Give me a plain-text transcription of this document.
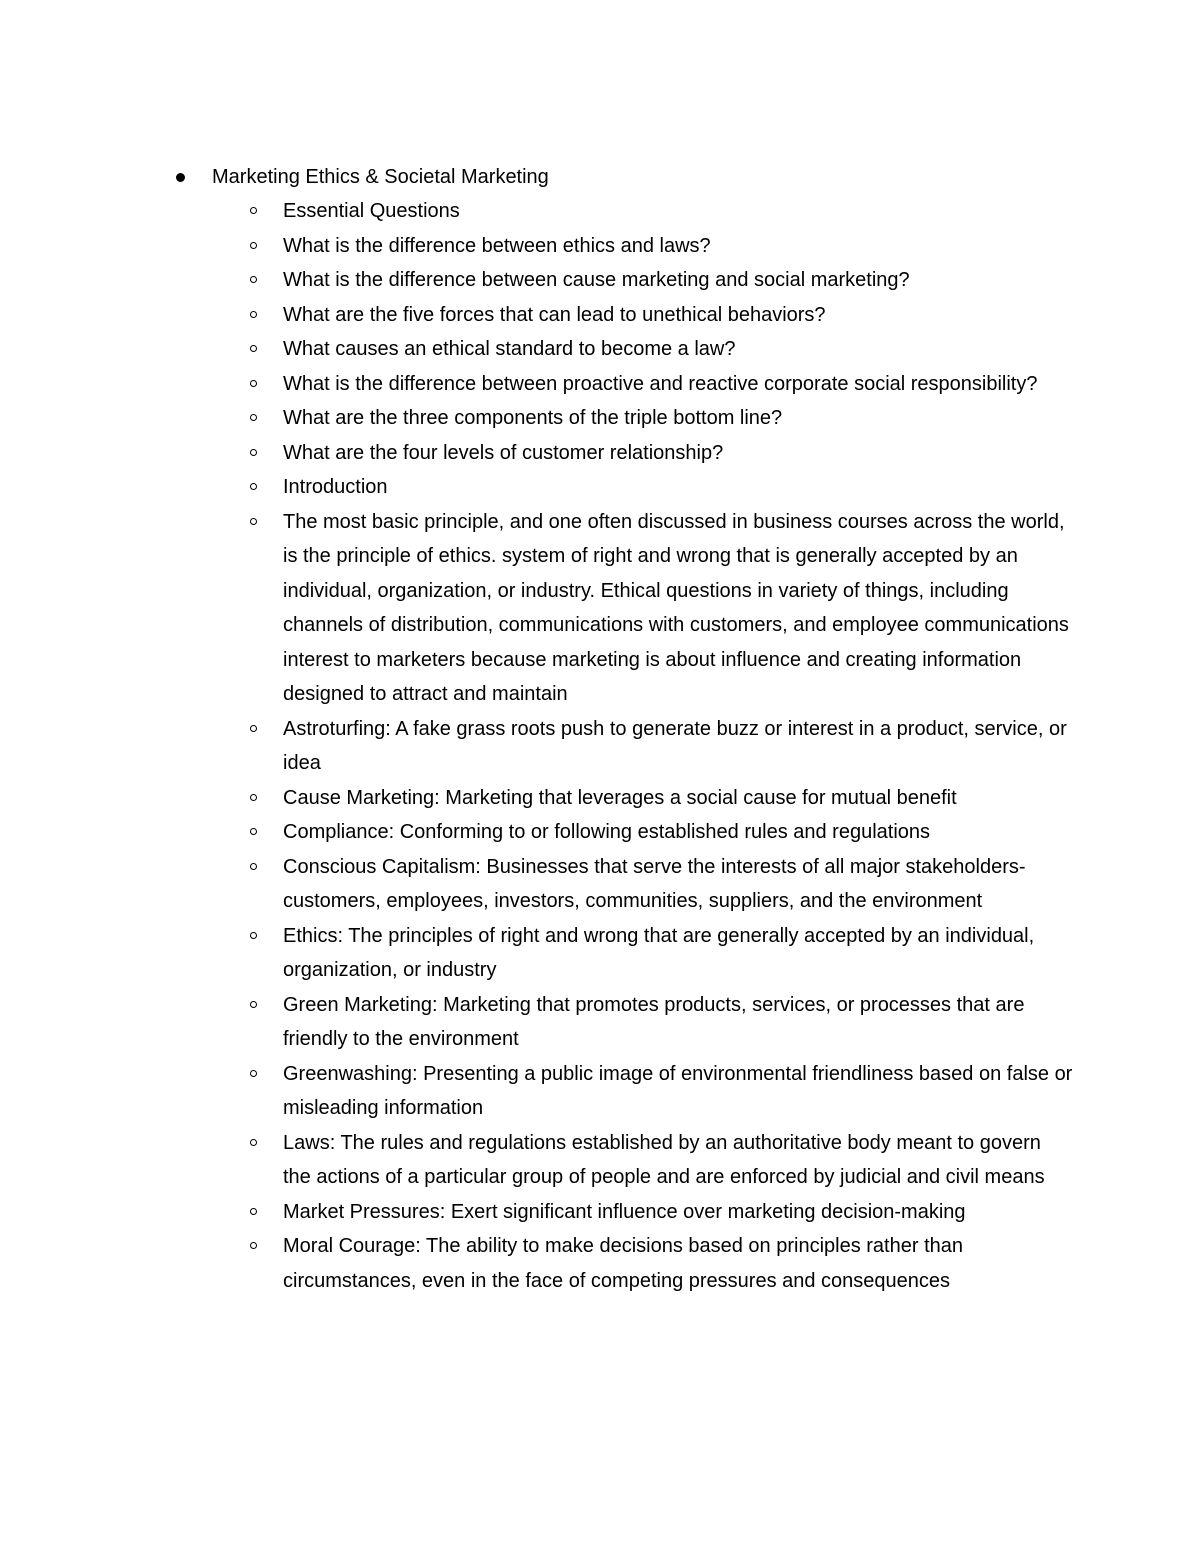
Marketing Ethics & Societal Marketing
Essential Questions
What is the difference between ethics and laws?
What is the difference between cause marketing and social marketing?
What are the five forces that can lead to unethical behaviors?
What causes an ethical standard to become a law?
What is the difference between proactive and reactive corporate social responsibility?
What are the three components of the triple bottom line?
What are the four levels of customer relationship?
Introduction
The most basic principle, and one often discussed in business courses across the world, is the principle of ethics. system of right and wrong that is generally accepted by an individual, organization, or industry. Ethical questions in variety of things, including channels of distribution, communications with customers, and employee communications interest to marketers because marketing is about influence and creating information designed to attract and maintain
Astroturfing: A fake grass roots push to generate buzz or interest in a product, service, or idea
Cause Marketing: Marketing that leverages a social cause for mutual benefit
Compliance: Conforming to or following established rules and regulations
Conscious Capitalism: Businesses that serve the interests of all major stakeholders- customers, employees, investors, communities, suppliers, and the environment
Ethics: The principles of right and wrong that are generally accepted by an individual, organization, or industry
Green Marketing: Marketing that promotes products, services, or processes that are friendly to the environment
Greenwashing: Presenting a public image of environmental friendliness based on false or misleading information
Laws: The rules and regulations established by an authoritative body meant to govern the actions of a particular group of people and are enforced by judicial and civil means
Market Pressures: Exert significant influence over marketing decision-making
Moral Courage: The ability to make decisions based on principles rather than circumstances, even in the face of competing pressures and consequences
